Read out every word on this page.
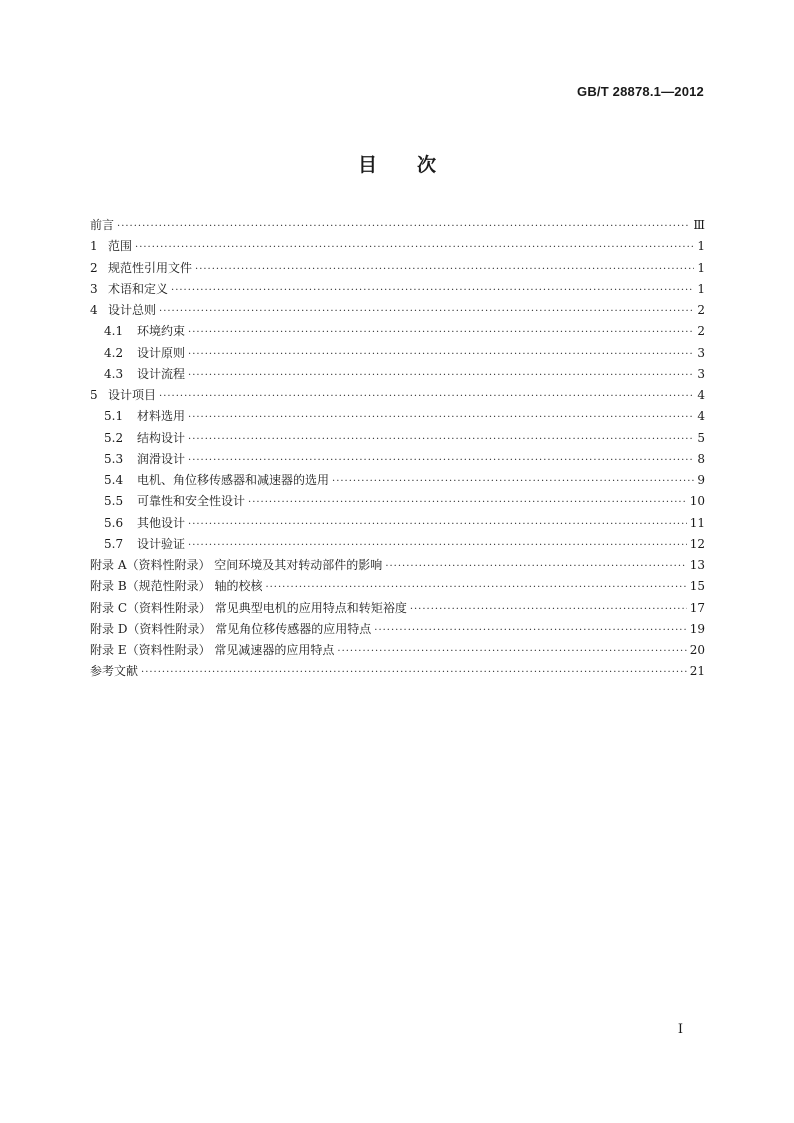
GB/T 28878.1—2012
目 次
前言 ·····	Ⅲ
1 范围 ·····	1
2 规范性引用文件 ·····	1
3 术语和定义 ·····	1
4 设计总则 ·····	2
4.1 环境约束 ·····	2
4.2 设计原则 ·····	3
4.3 设计流程 ·····	3
5 设计项目 ·····	4
5.1 材料选用 ·····	4
5.2 结构设计 ·····	5
5.3 润滑设计 ·····	8
5.4 电机、角位移传感器和减速器的选用 ·····	9
5.5 可靠性和安全性设计 ·····	10
5.6 其他设计 ·····	11
5.7 设计验证 ·····	12
附录 A（资料性附录） 空间环境及其对转动部件的影响 ·····	13
附录 B（规范性附录） 轴的校核 ·····	15
附录 C（资料性附录） 常见典型电机的应用特点和转矩裕度 ·····	17
附录 D（资料性附录） 常见角位移传感器的应用特点 ·····	19
附录 E（资料性附录） 常见减速器的应用特点 ·····	20
参考文献 ·····	21
Ⅰ
